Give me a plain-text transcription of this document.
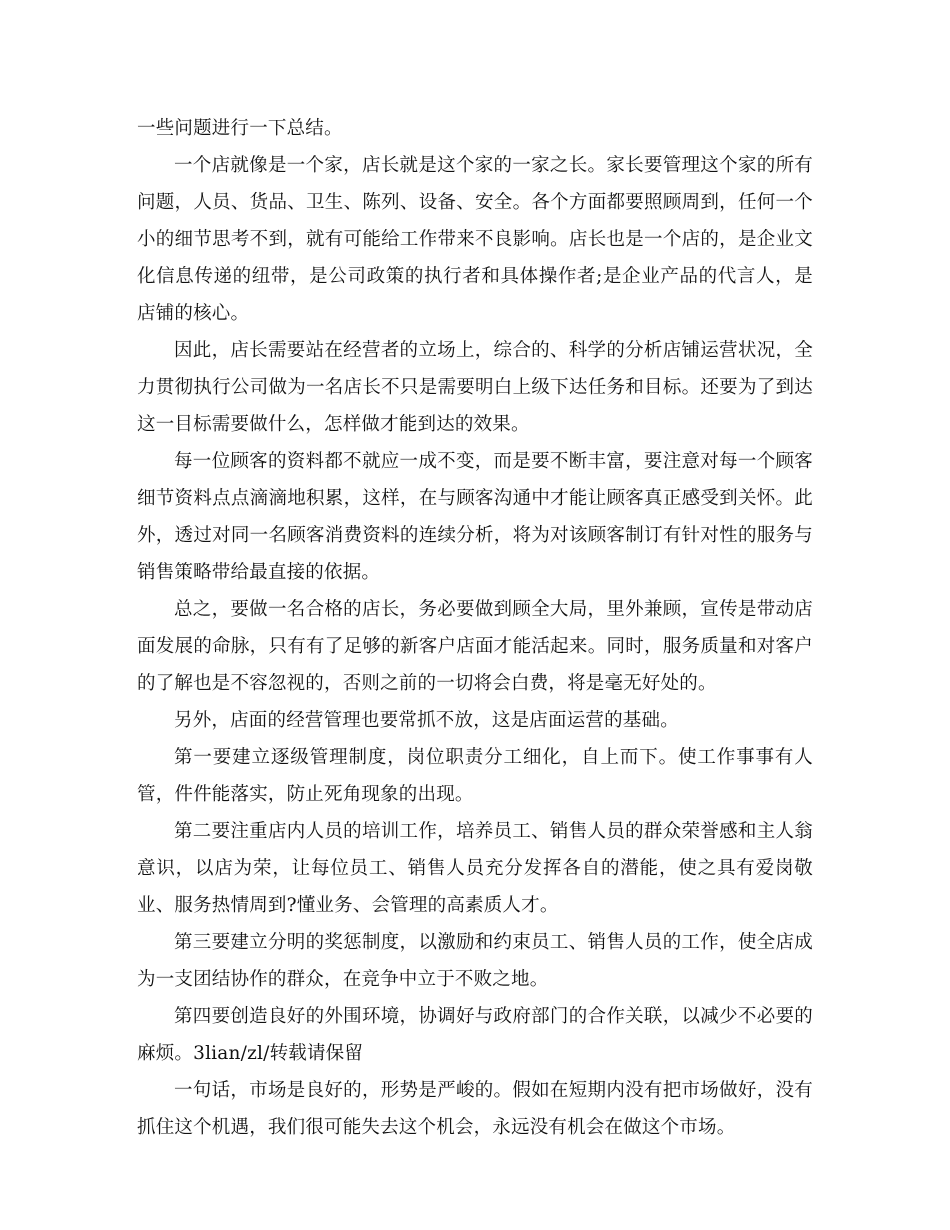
一些问题进行一下总结。

一个店就像是一个家，店长就是这个家的一家之长。家长要管理这个家的所有问题，人员、货品、卫生、陈列、设备、安全。各个方面都要照顾周到，任何一个小的细节思考不到，就有可能给工作带来不良影响。店长也是一个店的，是企业文化信息传递的纽带，是公司政策的执行者和具体操作者;是企业产品的代言人，是店铺的核心。

因此，店长需要站在经营者的立场上，综合的、科学的分析店铺运营状况，全力贯彻执行公司做为一名店长不只是需要明白上级下达任务和目标。还要为了到达这一目标需要做什么，怎样做才能到达的效果。

每一位顾客的资料都不就应一成不变，而是要不断丰富，要注意对每一个顾客细节资料点点滴滴地积累，这样，在与顾客沟通中才能让顾客真正感受到关怀。此外，透过对同一名顾客消费资料的连续分析，将为对该顾客制订有针对性的服务与销售策略带给最直接的依据。

总之，要做一名合格的店长，务必要做到顾全大局，里外兼顾，宣传是带动店面发展的命脉，只有有了足够的新客户店面才能活起来。同时，服务质量和对客户的了解也是不容忽视的，否则之前的一切将会白费，将是毫无好处的。

另外，店面的经营管理也要常抓不放，这是店面运营的基础。

第一要建立逐级管理制度，岗位职责分工细化，自上而下。使工作事事有人管，件件能落实，防止死角现象的出现。

第二要注重店内人员的培训工作，培养员工、销售人员的群众荣誉感和主人翁意识，以店为荣，让每位员工、销售人员充分发挥各自的潜能，使之具有爱岗敬业、服务热情周到?懂业务、会管理的高素质人才。

第三要建立分明的奖惩制度，以激励和约束员工、销售人员的工作，使全店成为一支团结协作的群众，在竞争中立于不败之地。

第四要创造良好的外围环境，协调好与政府部门的合作关联，以减少不必要的麻烦。3lian/zl/转载请保留

一句话，市场是良好的，形势是严峻的。假如在短期内没有把市场做好，没有抓住这个机遇，我们很可能失去这个机会，永远没有机会在做这个市场。
